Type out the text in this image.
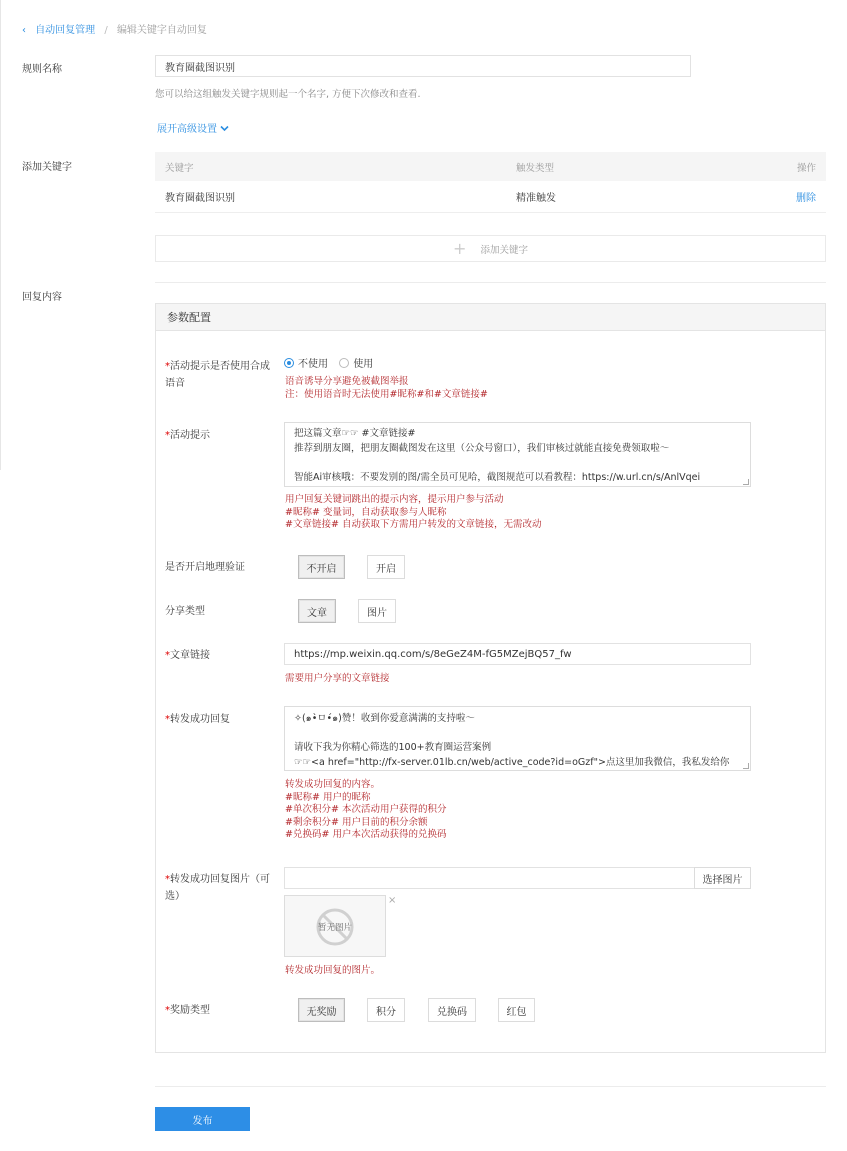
‹ 自动回复管理 / 编辑关键字自动回复
规则名称	教育圈截图识别
您可以给这组触发关键字规则起一个名字, 方便下次修改和查看.
展开高级设置
添加关键字	关键字	触发类型	操作
教育圈截图识别	精准触发	删除
+ 添加关键字
回复内容
参数配置
*活动提示是否使用合成语音
不使用	使用
语音诱导分享避免被截图举报
注：使用语音时无法使用#昵称#和#文章链接#
*活动提示	把这篇文章☞☞ #文章链接#
推荐到朋友圈，把朋友圈截图发在这里（公众号窗口），我们审核过就能直接免费领取啦～
智能Ai审核哦：不要发别的图/需全员可见哈，截图规范可以看教程：https://w.url.cn/s/AnlVqei
用户回复关键词跳出的提示内容，提示用户参与活动
#昵称# 变量词，自动获取参与人昵称
#文章链接# 自动获取下方需用户转发的文章链接，无需改动
是否开启地理验证	不开启	开启
分享类型	文章	图片
*文章链接	https://mp.weixin.qq.com/s/8eGeZ4M-fG5MZejBQ57_fw
需要用户分享的文章链接
*转发成功回复	✧(๑•̀ㅁ•́๑)赞！收到你爱意满满的支持啦～
请收下我为你精心筛选的100+教育圈运营案例
☞☞<a href="http://fx-server.01lb.cn/web/active_code?id=oGzf">点这里加我微信，我私发给你
转发成功回复的内容。
#昵称# 用户的昵称
#单次积分# 本次活动用户获得的积分
#剩余积分# 用户目前的积分余额
#兑换码# 用户本次活动获得的兑换码
*转发成功回复图片（可选）
选择图片
暂无图片
×
转发成功回复的图片。
*奖励类型	无奖励	积分	兑换码	红包
发布
